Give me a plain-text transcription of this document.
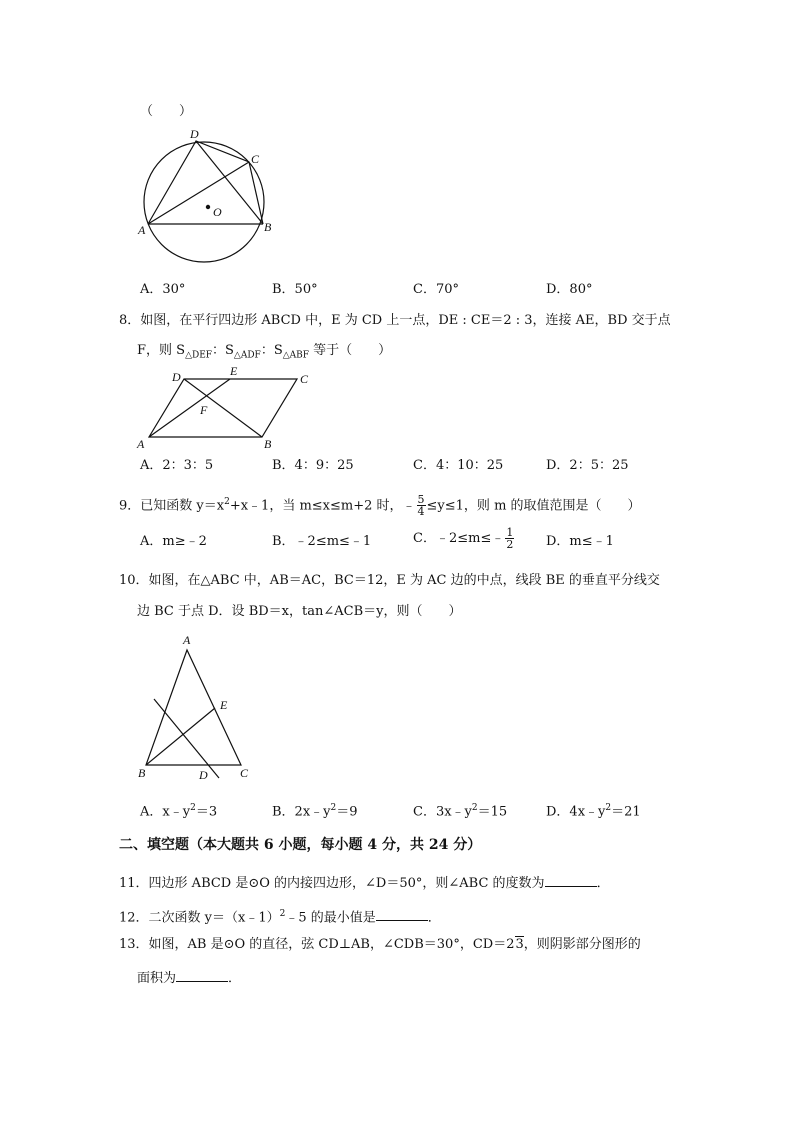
（　　）
D
C
A	B
O
A．30°	B．50°	C．70°	D．80°
8．如图，在平行四边形 ABCD 中，E 为 CD 上一点，DE : CE＝2 : 3，连接 AE，BD 交于点
F，则 $S_{\triangle DEF}$：$S_{\triangle ADF}$：$S_{\triangle ABF}$ 等于（　　）
D	E
C
F
A	B
A．2：3：5	B．4：9：25	C．4：10：25	D．2：5：25
9．已知函数 $y=x^2+x﹣1$，当 m≤x≤m+2 时，﹣ $\frac{5}{4} \le y\le 1$，则 m 的取值范围是（　　）
A．m≥﹣2	B．﹣2≤m≤﹣1	C．﹣2≤m≤﹣ $\frac{1}{2}$ D．m≤﹣1
10．如图，在△ABC 中，AB＝AC，BC＝12，E 为 AC 边的中点，线段 BE 的垂直平分线交
边 BC 于点 D．设 BD＝x，tan∠ACB＝y，则（　　）
A
E
B	D	C
A．$x﹣y^2=3$	B．$2x﹣y^2=9$	C．$3x﹣y^2=15$	D．$4x﹣y^2=21$
二、填空题（本大题共 6 小题，每小题 4 分，共 24 分）
11．四边形 ABCD 是⊙O 的内接四边形，∠D＝50°，则∠ABC 的度数为	．
12．二次函数 y＝（x﹣1）$^2$﹣5 的最小值是	．
13．如图，AB 是⊙O 的直径，弦 CD⊥AB，∠CDB＝30°，CD＝23，则阴影部分图形的
面积为	．
